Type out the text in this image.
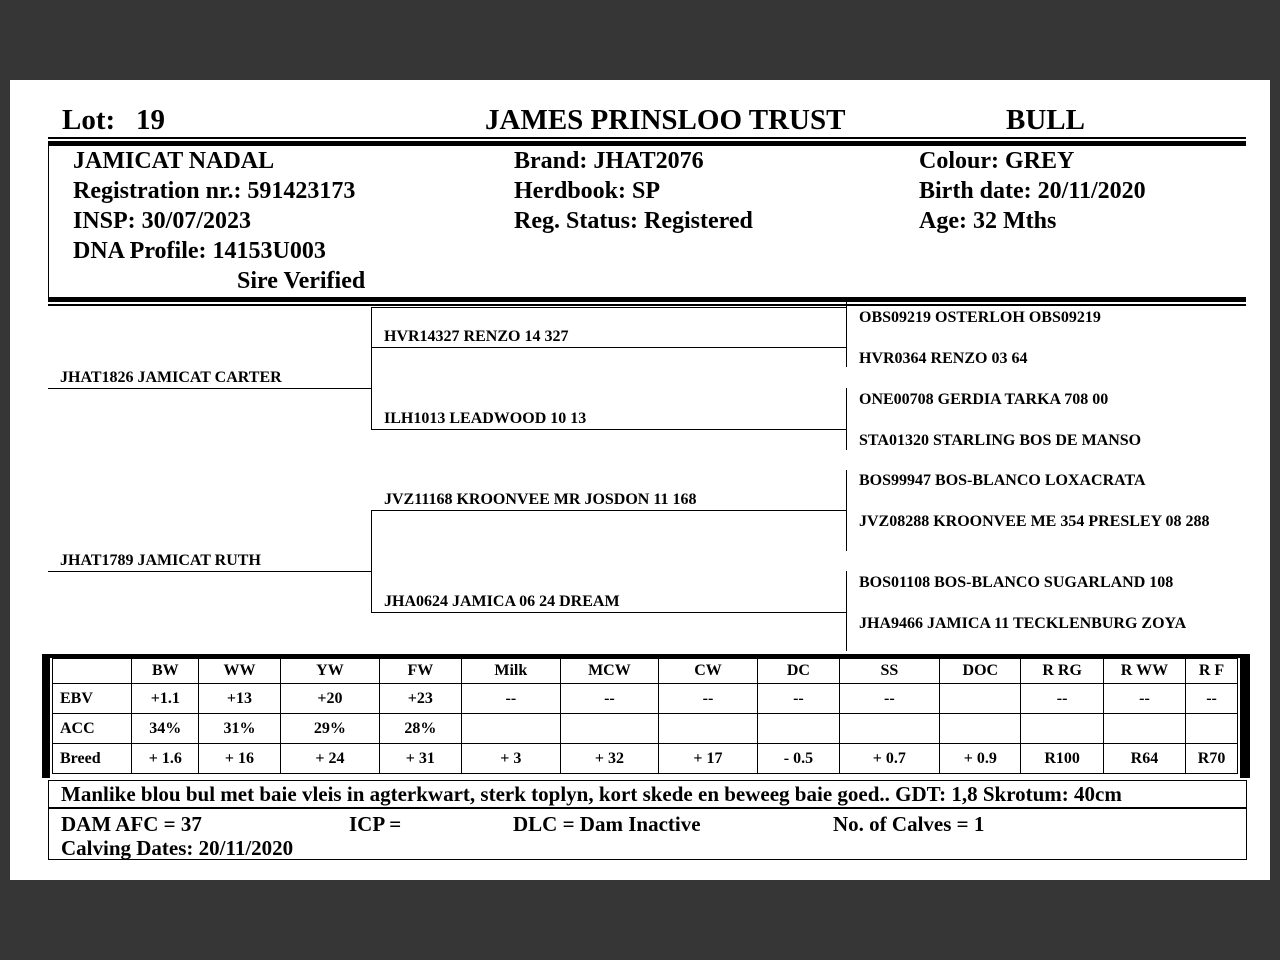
Lot: 19	JAMES PRINSLOO TRUST	BULL
JAMICAT NADAL
Registration nr.: 591423173
INSP: 30/07/2023
DNA Profile: 14153U003
Sire Verified
Brand: JHAT2076
Herdbook: SP
Reg. Status: Registered
Colour: GREY
Birth date: 20/11/2020
Age: 32 Mths
JHAT1826 JAMICAT CARTER
JHAT1789 JAMICAT RUTH
HVR14327 RENZO 14 327
ILH1013 LEADWOOD 10 13
JVZ11168 KROONVEE MR JOSDON 11 168
JHA0624 JAMICA 06 24 DREAM
OBS09219 OSTERLOH OBS09219
HVR0364 RENZO 03 64
ONE00708 GERDIA TARKA 708 00
STA01320 STARLING BOS DE MANSO
BOS99947 BOS-BLANCO LOXACRATA
JVZ08288 KROONVEE ME 354 PRESLEY 08 288
BOS01108 BOS-BLANCO SUGARLAND 108
JHA9466 JAMICA 11 TECKLENBURG ZOYA
	BW	WW	YW	FW	Milk	MCW	CW	DC	SS	DOC	R RG	R WW	R F
EBV	+1.1	+13	+20	+23	--	--	--	--	--		--	--	--
ACC	34%	31%	29%	28%									
Breed	+ 1.6	+ 16	+ 24	+ 31	+ 3	+ 32	+ 17	- 0.5	+ 0.7	+ 0.9	R100	R64	R70
Manlike blou bul met baie vleis in agterkwart, sterk toplyn, kort skede en beweeg baie goed.. GDT: 1,8 Skrotum: 40cm
DAM AFC = 37	ICP =	DLC = Dam Inactive	No. of Calves = 1
Calving Dates: 20/11/2020
